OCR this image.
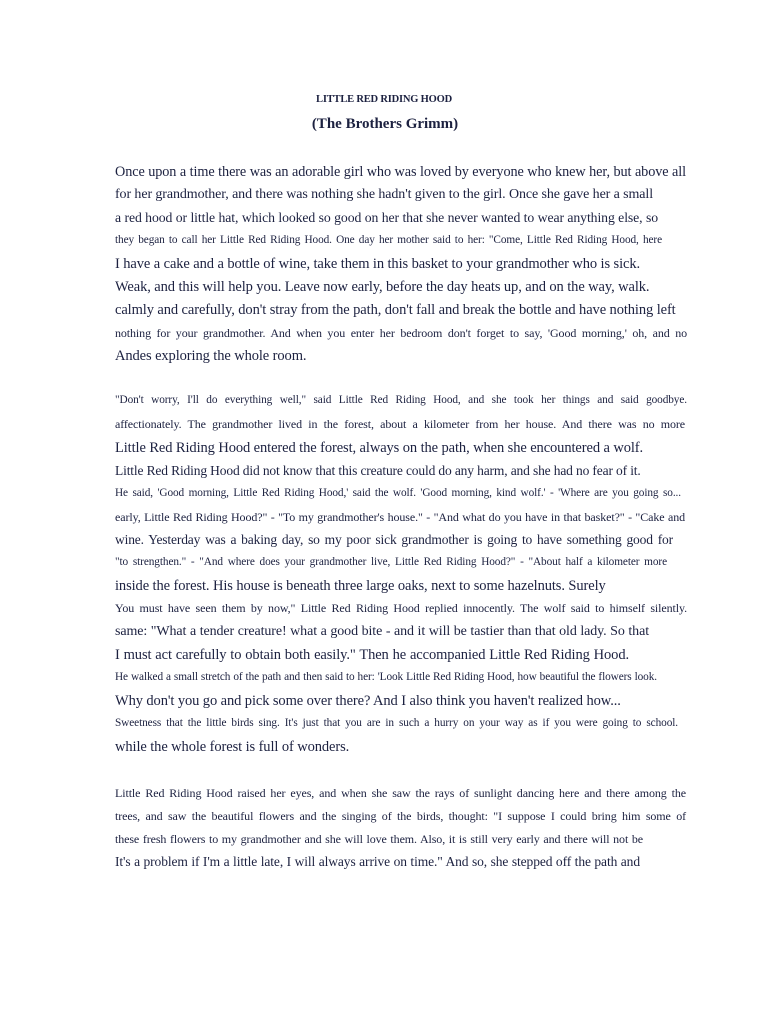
LITTLE RED RIDING HOOD
(The Brothers Grimm)
Once upon a time there was an adorable girl who was loved by everyone who knew her, but above all
for her grandmother, and there was nothing she hadn't given to the girl. Once she gave her a small
a red hood or little hat, which looked so good on her that she never wanted to wear anything else, so
they began to call her Little Red Riding Hood. One day her mother said to her: "Come, Little Red Riding Hood, here
I have a cake and a bottle of wine, take them in this basket to your grandmother who is sick.
Weak, and this will help you. Leave now early, before the day heats up, and on the way, walk.
calmly and carefully, don't stray from the path, don't fall and break the bottle and have nothing left
nothing for your grandmother. And when you enter her bedroom don't forget to say, 'Good morning,' oh, and no
Andes exploring the whole room.
"Don't worry, I'll do everything well," said Little Red Riding Hood, and she took her things and said goodbye.
affectionately. The grandmother lived in the forest, about a kilometer from her house. And there was no more
Little Red Riding Hood entered the forest, always on the path, when she encountered a wolf.
Little Red Riding Hood did not know that this creature could do any harm, and she had no fear of it.
He said, 'Good morning, Little Red Riding Hood,' said the wolf. 'Good morning, kind wolf.' - 'Where are you going so...
early, Little Red Riding Hood?" - "To my grandmother's house." - "And what do you have in that basket?" - "Cake and
wine. Yesterday was a baking day, so my poor sick grandmother is going to have something good for
"to strengthen." - "And where does your grandmother live, Little Red Riding Hood?" - "About half a kilometer more
inside the forest. His house is beneath three large oaks, next to some hazelnuts. Surely
You must have seen them by now," Little Red Riding Hood replied innocently. The wolf said to himself silently.
same: "What a tender creature! what a good bite - and it will be tastier than that old lady. So that
I must act carefully to obtain both easily." Then he accompanied Little Red Riding Hood.
He walked a small stretch of the path and then said to her: 'Look Little Red Riding Hood, how beautiful the flowers look.
Why don't you go and pick some over there? And I also think you haven't realized how...
Sweetness that the little birds sing. It's just that you are in such a hurry on your way as if you were going to school.
while the whole forest is full of wonders.
Little Red Riding Hood raised her eyes, and when she saw the rays of sunlight dancing here and there among the
trees, and saw the beautiful flowers and the singing of the birds, thought: "I suppose I could bring him some of
these fresh flowers to my grandmother and she will love them. Also, it is still very early and there will not be
It's a problem if I'm a little late, I will always arrive on time." And so, she stepped off the path and
